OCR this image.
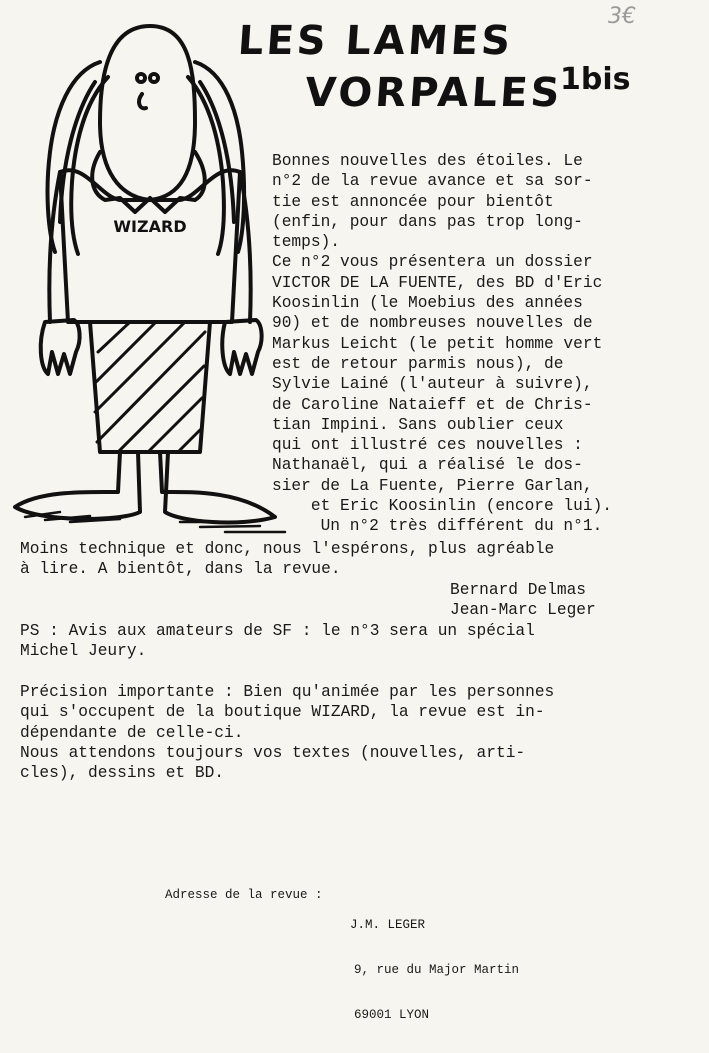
3€
LES LAMES
VORPALES
1bis
WIZARD
Bonnes nouvelles des étoiles. Le
n°2 de la revue avance et sa sor-
tie est annoncée pour bientôt
(enfin, pour dans pas trop long-
temps).
Ce n°2 vous présentera un dossier
VICTOR DE LA FUENTE, des BD d'Eric
Koosinlin (le Moebius des années
90) et de nombreuses nouvelles de
Markus Leicht (le petit homme vert
est de retour parmis nous), de
Sylvie Lainé (l'auteur à suivre),
de Caroline Nataieff et de Chris-
tian Impini. Sans oublier ceux
qui ont illustré ces nouvelles :
Nathanaël, qui a réalisé le dos-
sier de La Fuente, Pierre Garlan,
et Eric Koosinlin (encore lui).
Un n°2 très différent du n°1.
Moins technique et donc, nous l'espérons, plus agréable
à lire. A bientôt, dans la revue.
Bernard Delmas
Jean-Marc Leger
PS : Avis aux amateurs de SF : le n°3 sera un spécial
Michel Jeury.
Précision importante : Bien qu'animée par les personnes
qui s'occupent de la boutique WIZARD, la revue est in-
dépendante de celle-ci.
Nous attendons toujours vos textes (nouvelles, arti-
cles), dessins et BD.

Adresse de la revue :

J.M. LEGER

9, rue du Major Martin

69001 LYON
